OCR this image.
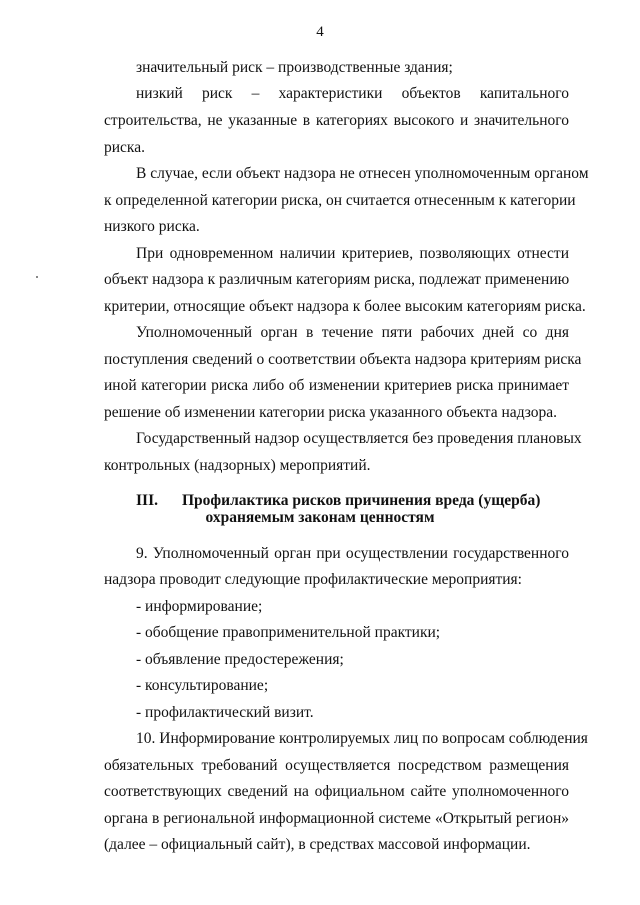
4
значительный риск – производственные здания;
низкий риск – характеристики объектов капитального
строительства, не указанные в категориях высокого и значительного
риска.
В случае, если объект надзора не отнесен уполномоченным органом
к определенной категории риска, он считается отнесенным к категории
низкого риска.
При одновременном наличии критериев, позволяющих отнести
объект надзора к различным категориям риска, подлежат применению
критерии, относящие объект надзора к более высоким категориям риска.
Уполномоченный орган в течение пяти рабочих дней со дня
поступления сведений о соответствии объекта надзора критериям риска
иной категории риска либо об изменении критериев риска принимает
решение об изменении категории риска указанного объекта надзора.
Государственный надзор осуществляется без проведения плановых
контрольных (надзорных) мероприятий.
III. Профилактика рисков причинения вреда (ущерба)
охраняемым законам ценностям
9. Уполномоченный орган при осуществлении государственного
надзора проводит следующие профилактические мероприятия:
- информирование;
- обобщение правоприменительной практики;
- объявление предостережения;
- консультирование;
- профилактический визит.
10. Информирование контролируемых лиц по вопросам соблюдения
обязательных требований осуществляется посредством размещения
соответствующих сведений на официальном сайте уполномоченного
органа в региональной информационной системе «Открытый регион»
(далее – официальный сайт), в средствах массовой информации.
